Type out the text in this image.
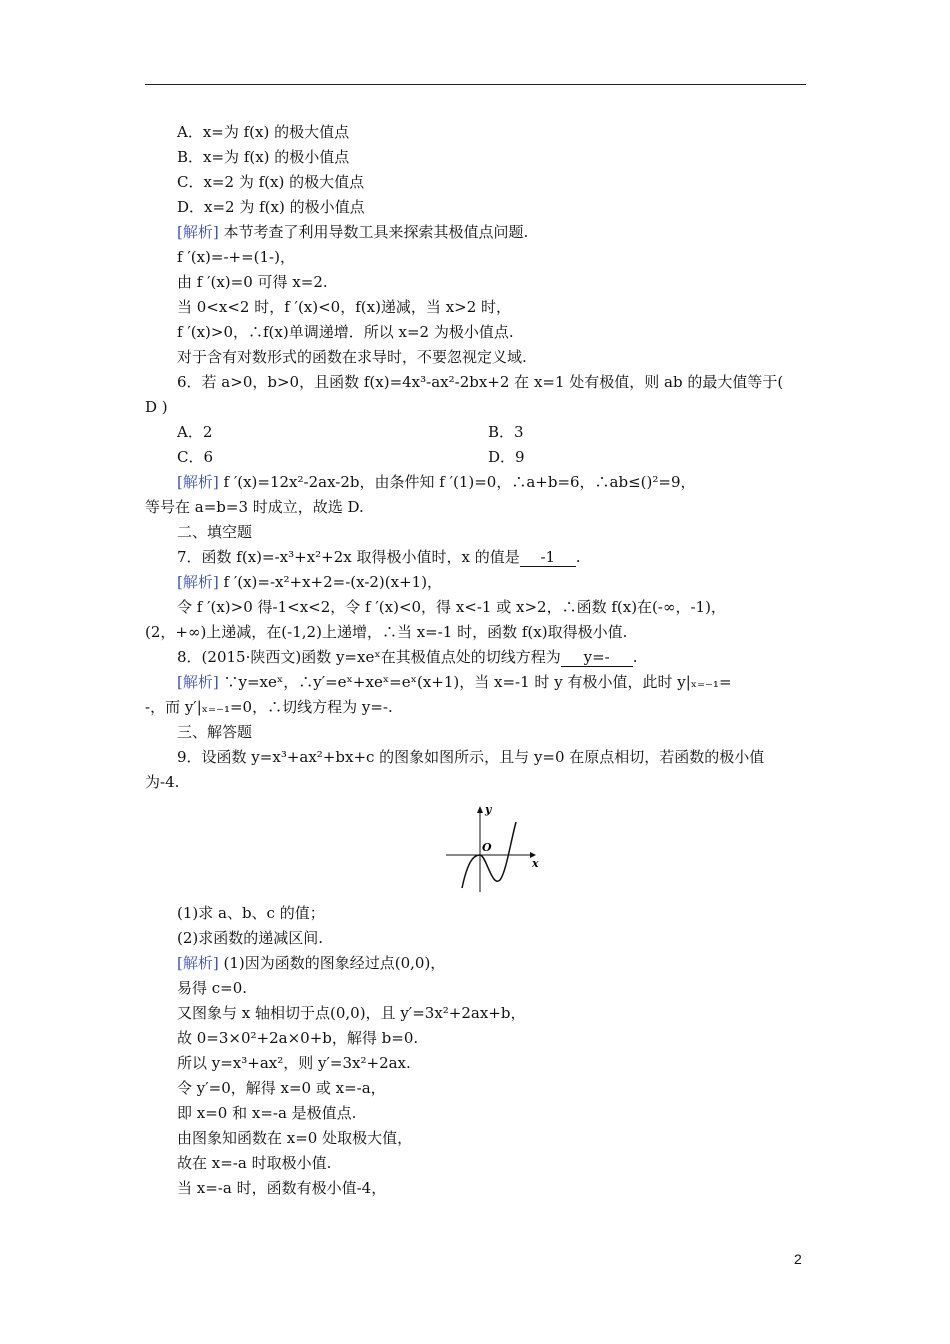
A．x=为 f(x) 的极大值点
B．x=为 f(x) 的极小值点
C．x=2 为 f(x) 的极大值点
D．x=2 为 f(x) 的极小值点
[解析] 本节考查了利用导数工具来探索其极值点问题.
f ′(x)=-+=(1-)，
由 f ′(x)=0 可得 x=2.
当 0<x<2 时，f ′(x)<0，f(x)递减，当 x>2 时，
f ′(x)>0，∴f(x)单调递增．所以 x=2 为极小值点.
对于含有对数形式的函数在求导时，不要忽视定义域.
6．若 a>0，b>0，且函数 f(x)=4x³-ax²-2bx+2 在 x=1 处有极值，则 ab 的最大值等于(
D )
A．2	B．3
C．6	D．9
[解析] f ′(x)=12x²-2ax-2b，由条件知 f ′(1)=0，∴a+b=6，∴ab≤()²=9，
等号在 a=b=3 时成立，故选 D.
二、填空题
7．函数 f(x)=-x³+x²+2x 取得极小值时，x 的值是 -1 .
[解析] f ′(x)=-x²+x+2=-(x-2)(x+1)，
令 f ′(x)>0 得-1<x<2，令 f ′(x)<0，得 x<-1 或 x>2，∴函数 f(x)在(-∞，-1)，
(2，+∞)上递减，在(-1,2)上递增，∴当 x=-1 时，函数 f(x)取得极小值.
8．(2015·陕西文)函数 y=xeˣ在其极值点处的切线方程为 y=- .
[解析] ∵y=xeˣ，∴y′=eˣ+xeˣ=eˣ(x+1)，当 x=-1 时 y 有极小值，此时 y|ₓ₌₋₁=
-，而 y′|ₓ₌₋₁=0，∴切线方程为 y=-.
三、解答题
9．设函数 y=x³+ax²+bx+c 的图象如图所示，且与 y=0 在原点相切，若函数的极小值
为-4.
y
x
O
(1)求 a、b、c 的值；
(2)求函数的递减区间.
[解析] (1)因为函数的图象经过点(0,0)，
易得 c=0.
又图象与 x 轴相切于点(0,0)，且 y′=3x²+2ax+b，
故 0=3×0²+2a×0+b，解得 b=0.
所以 y=x³+ax²，则 y′=3x²+2ax.
令 y′=0，解得 x=0 或 x=-a，
即 x=0 和 x=-a 是极值点.
由图象知函数在 x=0 处取极大值，
故在 x=-a 时取极小值.
当 x=-a 时，函数有极小值-4，
2
